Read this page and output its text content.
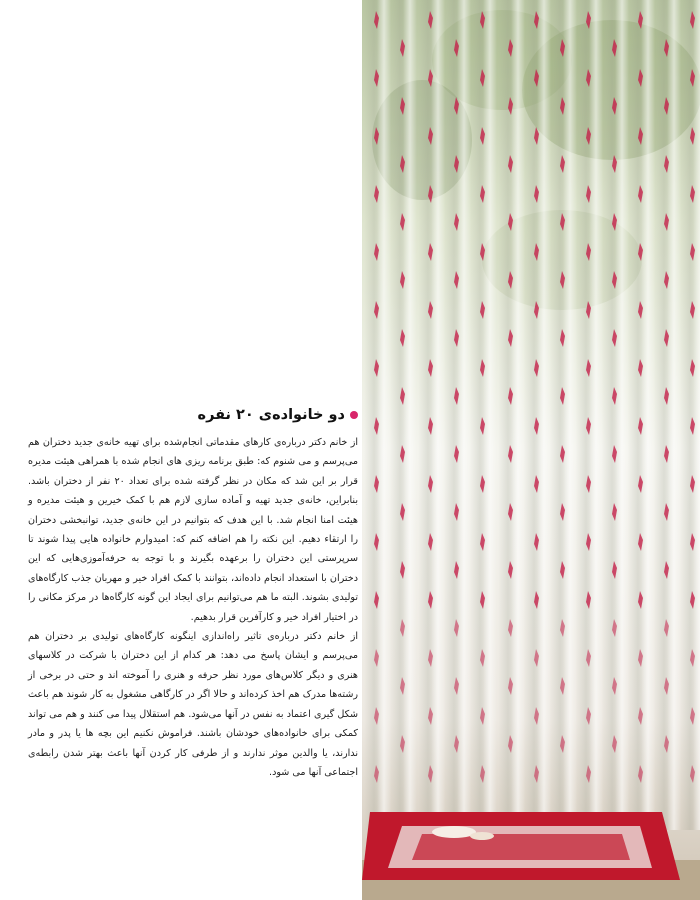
دو خانواده‌ی ۲۰ نفره

از خانم دکتر درباره‌ی کارهای مقدماتی انجام‌شده برای تهیه خانه‌ی جدید دختران هم می‌پرسم و می شنوم که: طبق برنامه ریزی های انجام شده با همراهی هیئت مدیره قرار بر این شد که مکان در نظر گرفته شده برای تعداد ۲۰ نفر از دختران باشد. بنابراین، خانه‌ی جدید تهیه و آماده سازی لازم هم با کمک خیرین و هیئت مدیره و هیئت امنا انجام شد. با این هدف که بتوانیم در این خانه‌ی جدید، توانبخشی دختران را ارتقاء دهیم. این نکته را هم اضافه کنم که: امیدوارم خانواده هایی پیدا شوند تا سرپرستی این دختران را برعهده بگیرند و با توجه به حرفه‌آموزی‌هایی که این دختران با استعداد انجام داده‌اند، بتوانند با کمک افراد خیر و مهربان جذب کارگاه‌های تولیدی بشوند. البته ما هم می‌توانیم برای ایجاد این گونه کارگاه‌ها در مرکز مکانی را در اختیار افراد خیر و کارآفرین قرار بدهیم.

از خانم دکتر درباره‌ی تاثیر راه‌اندازی اینگونه کارگاه‌های تولیدی بر دختران هم می‌پرسم و ایشان پاسخ می دهد: هر کدام از این دختران با شرکت در کلاسهای هنری و دیگر کلاس‌های مورد نظر حرفه و هنری را آموخته اند و حتی در برخی از رشته‌ها مدرک هم اخذ کرده‌اند و حالا اگر در کارگاهی مشغول به کار شوند هم باعث شکل گیری اعتماد به نفس در آنها می‌شود. هم استقلال پیدا می کنند و هم می تواند کمکی برای خانواده‌های خودشان باشند. فراموش نکنیم این بچه ها یا پدر و مادر ندارند، یا والدین موثر ندارند و از طرفی کار کردن آنها باعث بهتر شدن رابطه‌ی اجتماعی آنها می شود.
